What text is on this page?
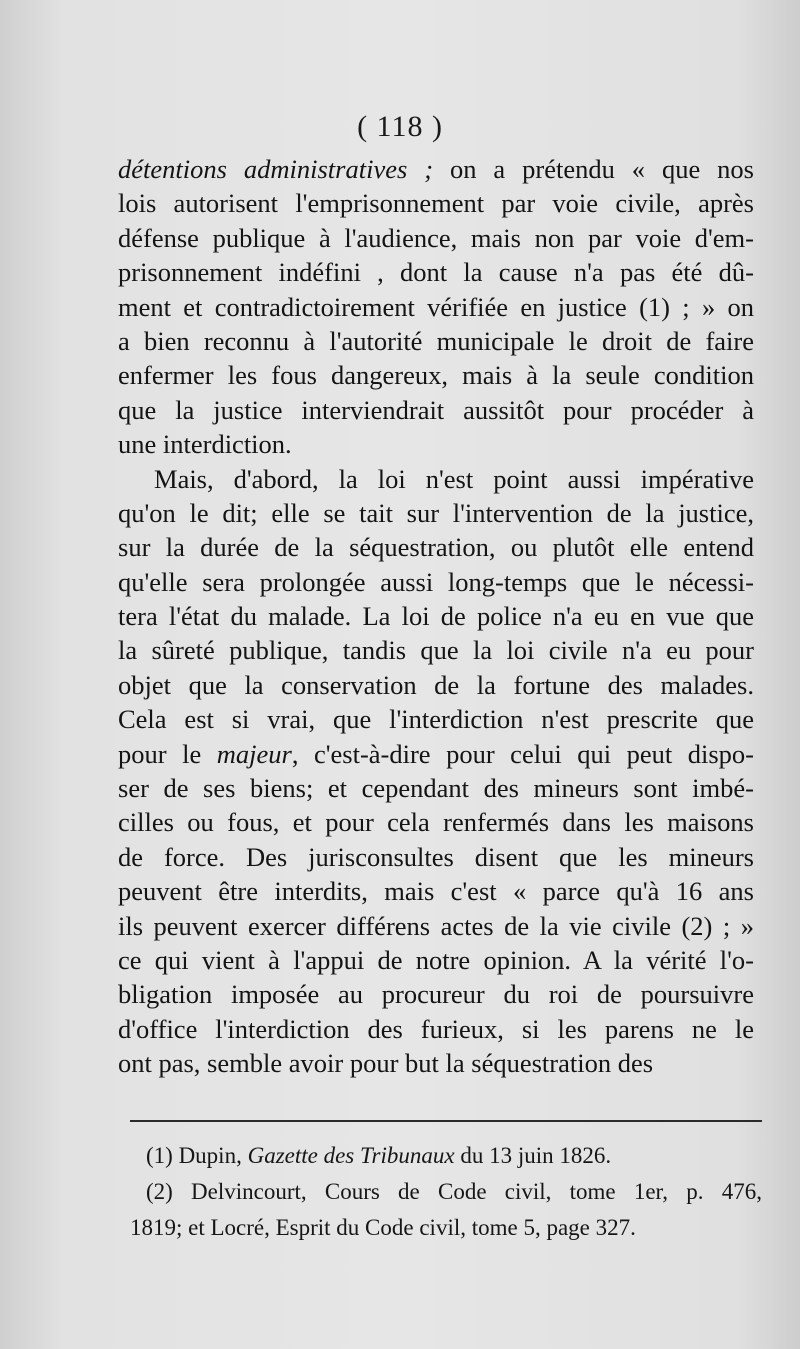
( 118 )
détentions administratives ; on a prétendu « que nos
lois autorisent l'emprisonnement par voie civile, après
défense publique à l'audience, mais non par voie d'em-
prisonnement indéfini , dont la cause n'a pas été dû-
ment et contradictoirement vérifiée en justice (1) ; » on
a bien reconnu à l'autorité municipale le droit de faire
enfermer les fous dangereux, mais à la seule condition
que la justice interviendrait aussitôt pour procéder à
une interdiction.
Mais, d'abord, la loi n'est point aussi impérative
qu'on le dit; elle se tait sur l'intervention de la justice,
sur la durée de la séquestration, ou plutôt elle entend
qu'elle sera prolongée aussi long-temps que le nécessi-
tera l'état du malade. La loi de police n'a eu en vue que
la sûreté publique, tandis que la loi civile n'a eu pour
objet que la conservation de la fortune des malades.
Cela est si vrai, que l'interdiction n'est prescrite que
pour le majeur, c'est-à-dire pour celui qui peut dispo-
ser de ses biens; et cependant des mineurs sont imbé-
cilles ou fous, et pour cela renfermés dans les maisons
de force. Des jurisconsultes disent que les mineurs
peuvent être interdits, mais c'est « parce qu'à 16 ans
ils peuvent exercer différens actes de la vie civile (2) ; »
ce qui vient à l'appui de notre opinion. A la vérité l'o-
bligation imposée au procureur du roi de poursuivre
d'office l'interdiction des furieux, si les parens ne le
ont pas, semble avoir pour but la séquestration des
(1) Dupin, Gazette des Tribunaux du 13 juin 1826.
(2) Delvincourt, Cours de Code civil, tome 1er, p. 476,
1819; et Locré, Esprit du Code civil, tome 5, page 327.
